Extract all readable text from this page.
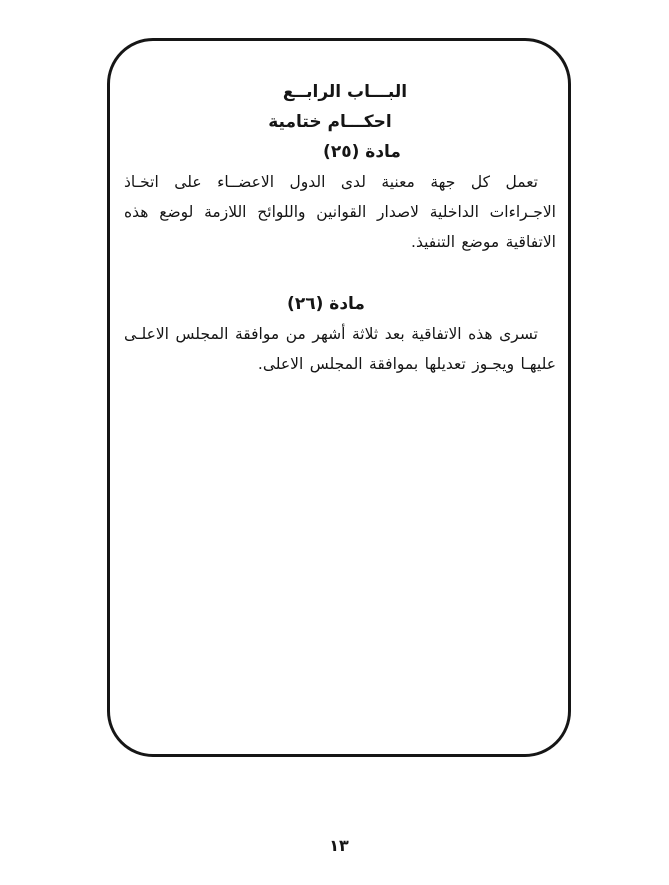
البـــاب الرابــع
احكـــام ختامية
مادة (٢٥)

تعمل كل جهة معنية لدى الدول الاعضــاء على اتخـاذ الاجـراءات الداخلية لاصدار القوانين واللوائح اللازمة لوضع هذه الاتفاقية موضع التنفيذ.

مادة (٢٦)

تسرى هذه الاتفاقية بعد ثلاثة أشهر من موافقة المجلس الاعلـى عليهـا ويجـوز تعديلها بموافقة المجلس الاعلى.

١٣
